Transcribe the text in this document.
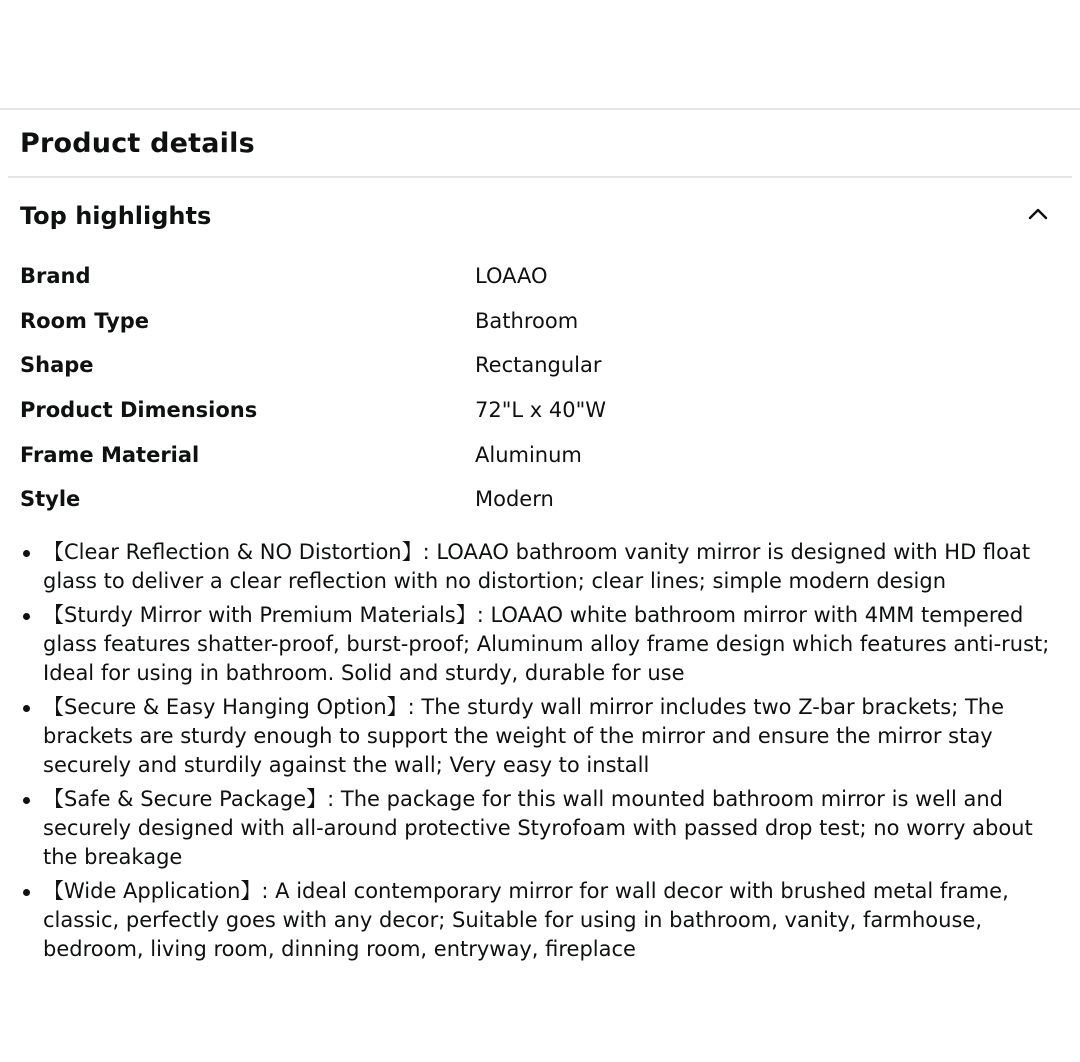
Product details
Top highlights
Brand	LOAAO
Room Type	Bathroom
Shape	Rectangular
Product Dimensions	72"L x 40"W
Frame Material	Aluminum
Style	Modern
【Clear Reflection & NO Distortion】: LOAAO bathroom vanity mirror is designed with HD float glass to deliver a clear reflection with no distortion; clear lines; simple modern design
【Sturdy Mirror with Premium Materials】: LOAAO white bathroom mirror with 4MM tempered glass features shatter-proof, burst-proof; Aluminum alloy frame design which features anti-rust; Ideal for using in bathroom. Solid and sturdy, durable for use
【Secure & Easy Hanging Option】: The sturdy wall mirror includes two Z-bar brackets; The brackets are sturdy enough to support the weight of the mirror and ensure the mirror stay securely and sturdily against the wall; Very easy to install
【Safe & Secure Package】: The package for this wall mounted bathroom mirror is well and securely designed with all-around protective Styrofoam with passed drop test; no worry about the breakage
【Wide Application】: A ideal contemporary mirror for wall decor with brushed metal frame, classic, perfectly goes with any decor; Suitable for using in bathroom, vanity, farmhouse, bedroom, living room, dinning room, entryway, fireplace
